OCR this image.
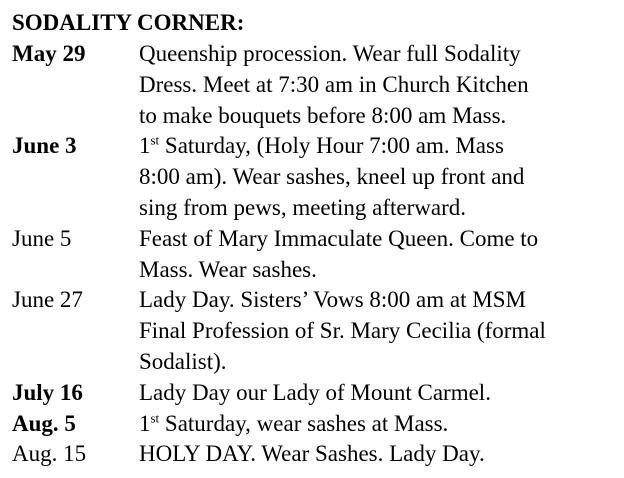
SODALITY CORNER:
May 29	Queenship procession. Wear full Sodality
Dress. Meet at 7:30 am in Church Kitchen
to make bouquets before 8:00 am Mass.
June 3	1st Saturday, (Holy Hour 7:00 am. Mass
8:00 am). Wear sashes, kneel up front and
sing from pews, meeting afterward.
June 5	Feast of Mary Immaculate Queen. Come to
Mass. Wear sashes.
June 27	Lady Day. Sisters’ Vows 8:00 am at MSM
Final Profession of Sr. Mary Cecilia (formal
Sodalist).
July 16	Lady Day our Lady of Mount Carmel.
Aug. 5	1st Saturday, wear sashes at Mass.
Aug. 15	HOLY DAY. Wear Sashes. Lady Day.
